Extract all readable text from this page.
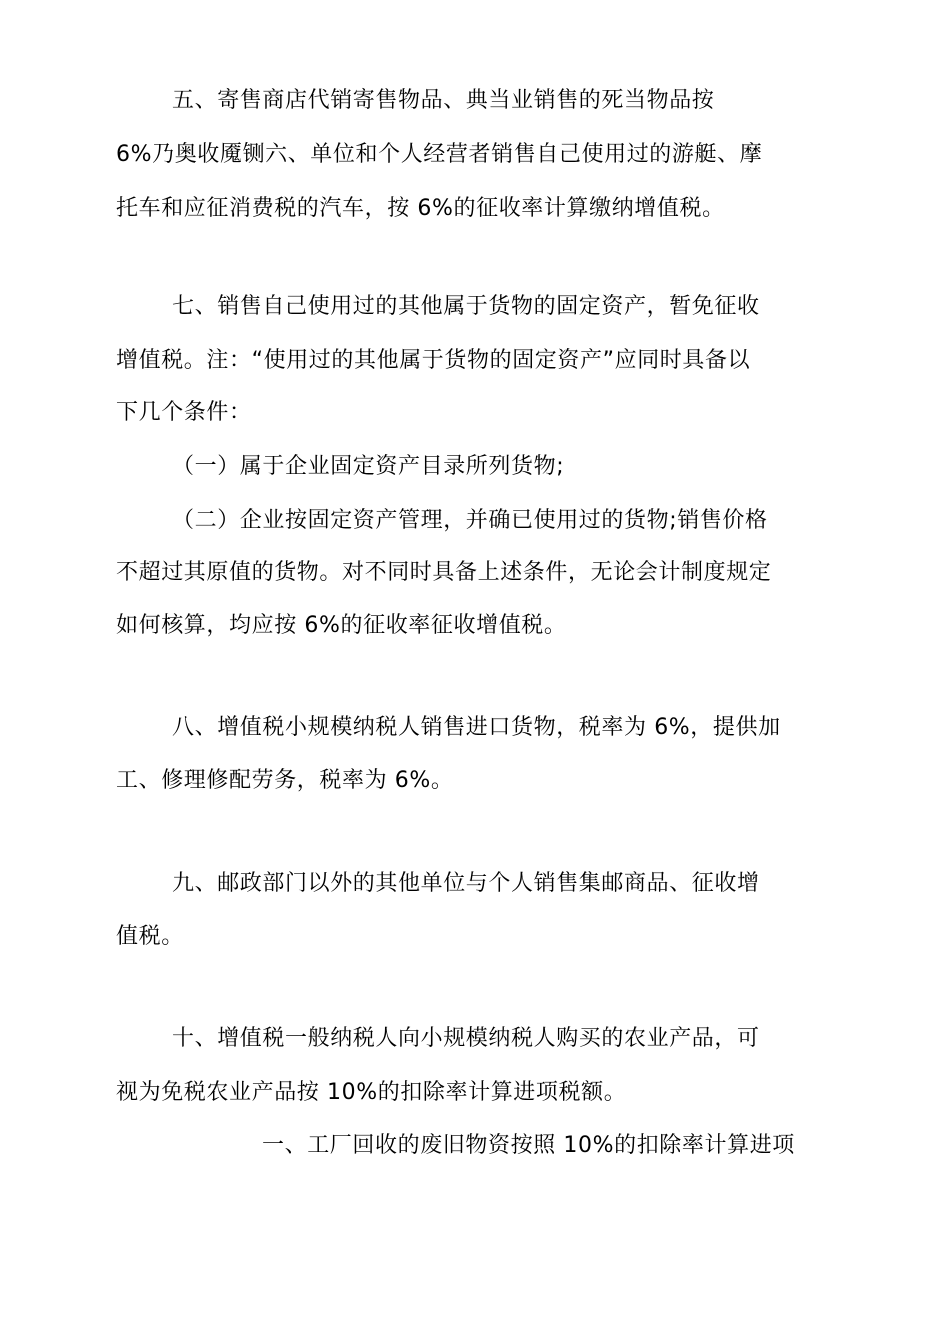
五、寄售商店代销寄售物品、典当业销售的死当物品按
6%乃奥收魇铡六、单位和个人经营者销售自己使用过的游艇、摩
托车和应征消费税的汽车，按 6%的征收率计算缴纳增值税。
七、销售自己使用过的其他属于货物的固定资产，暂免征收
增值税。注：“使用过的其他属于货物的固定资产”应同时具备以
下几个条件：
（一）属于企业固定资产目录所列货物;
（二）企业按固定资产管理，并确已使用过的货物;销售价格
不超过其原值的货物。对不同时具备上述条件，无论会计制度规定
如何核算，均应按 6%的征收率征收增值税。
八、增值税小规模纳税人销售进口货物，税率为 6%，提供加
工、修理修配劳务，税率为 6%。
九、邮政部门以外的其他单位与个人销售集邮商品、征收增
值税。
十、增值税一般纳税人向小规模纳税人购买的农业产品，可
视为免税农业产品按 10%的扣除率计算进项税额。
一、工厂回收的废旧物资按照 10%的扣除率计算进项
